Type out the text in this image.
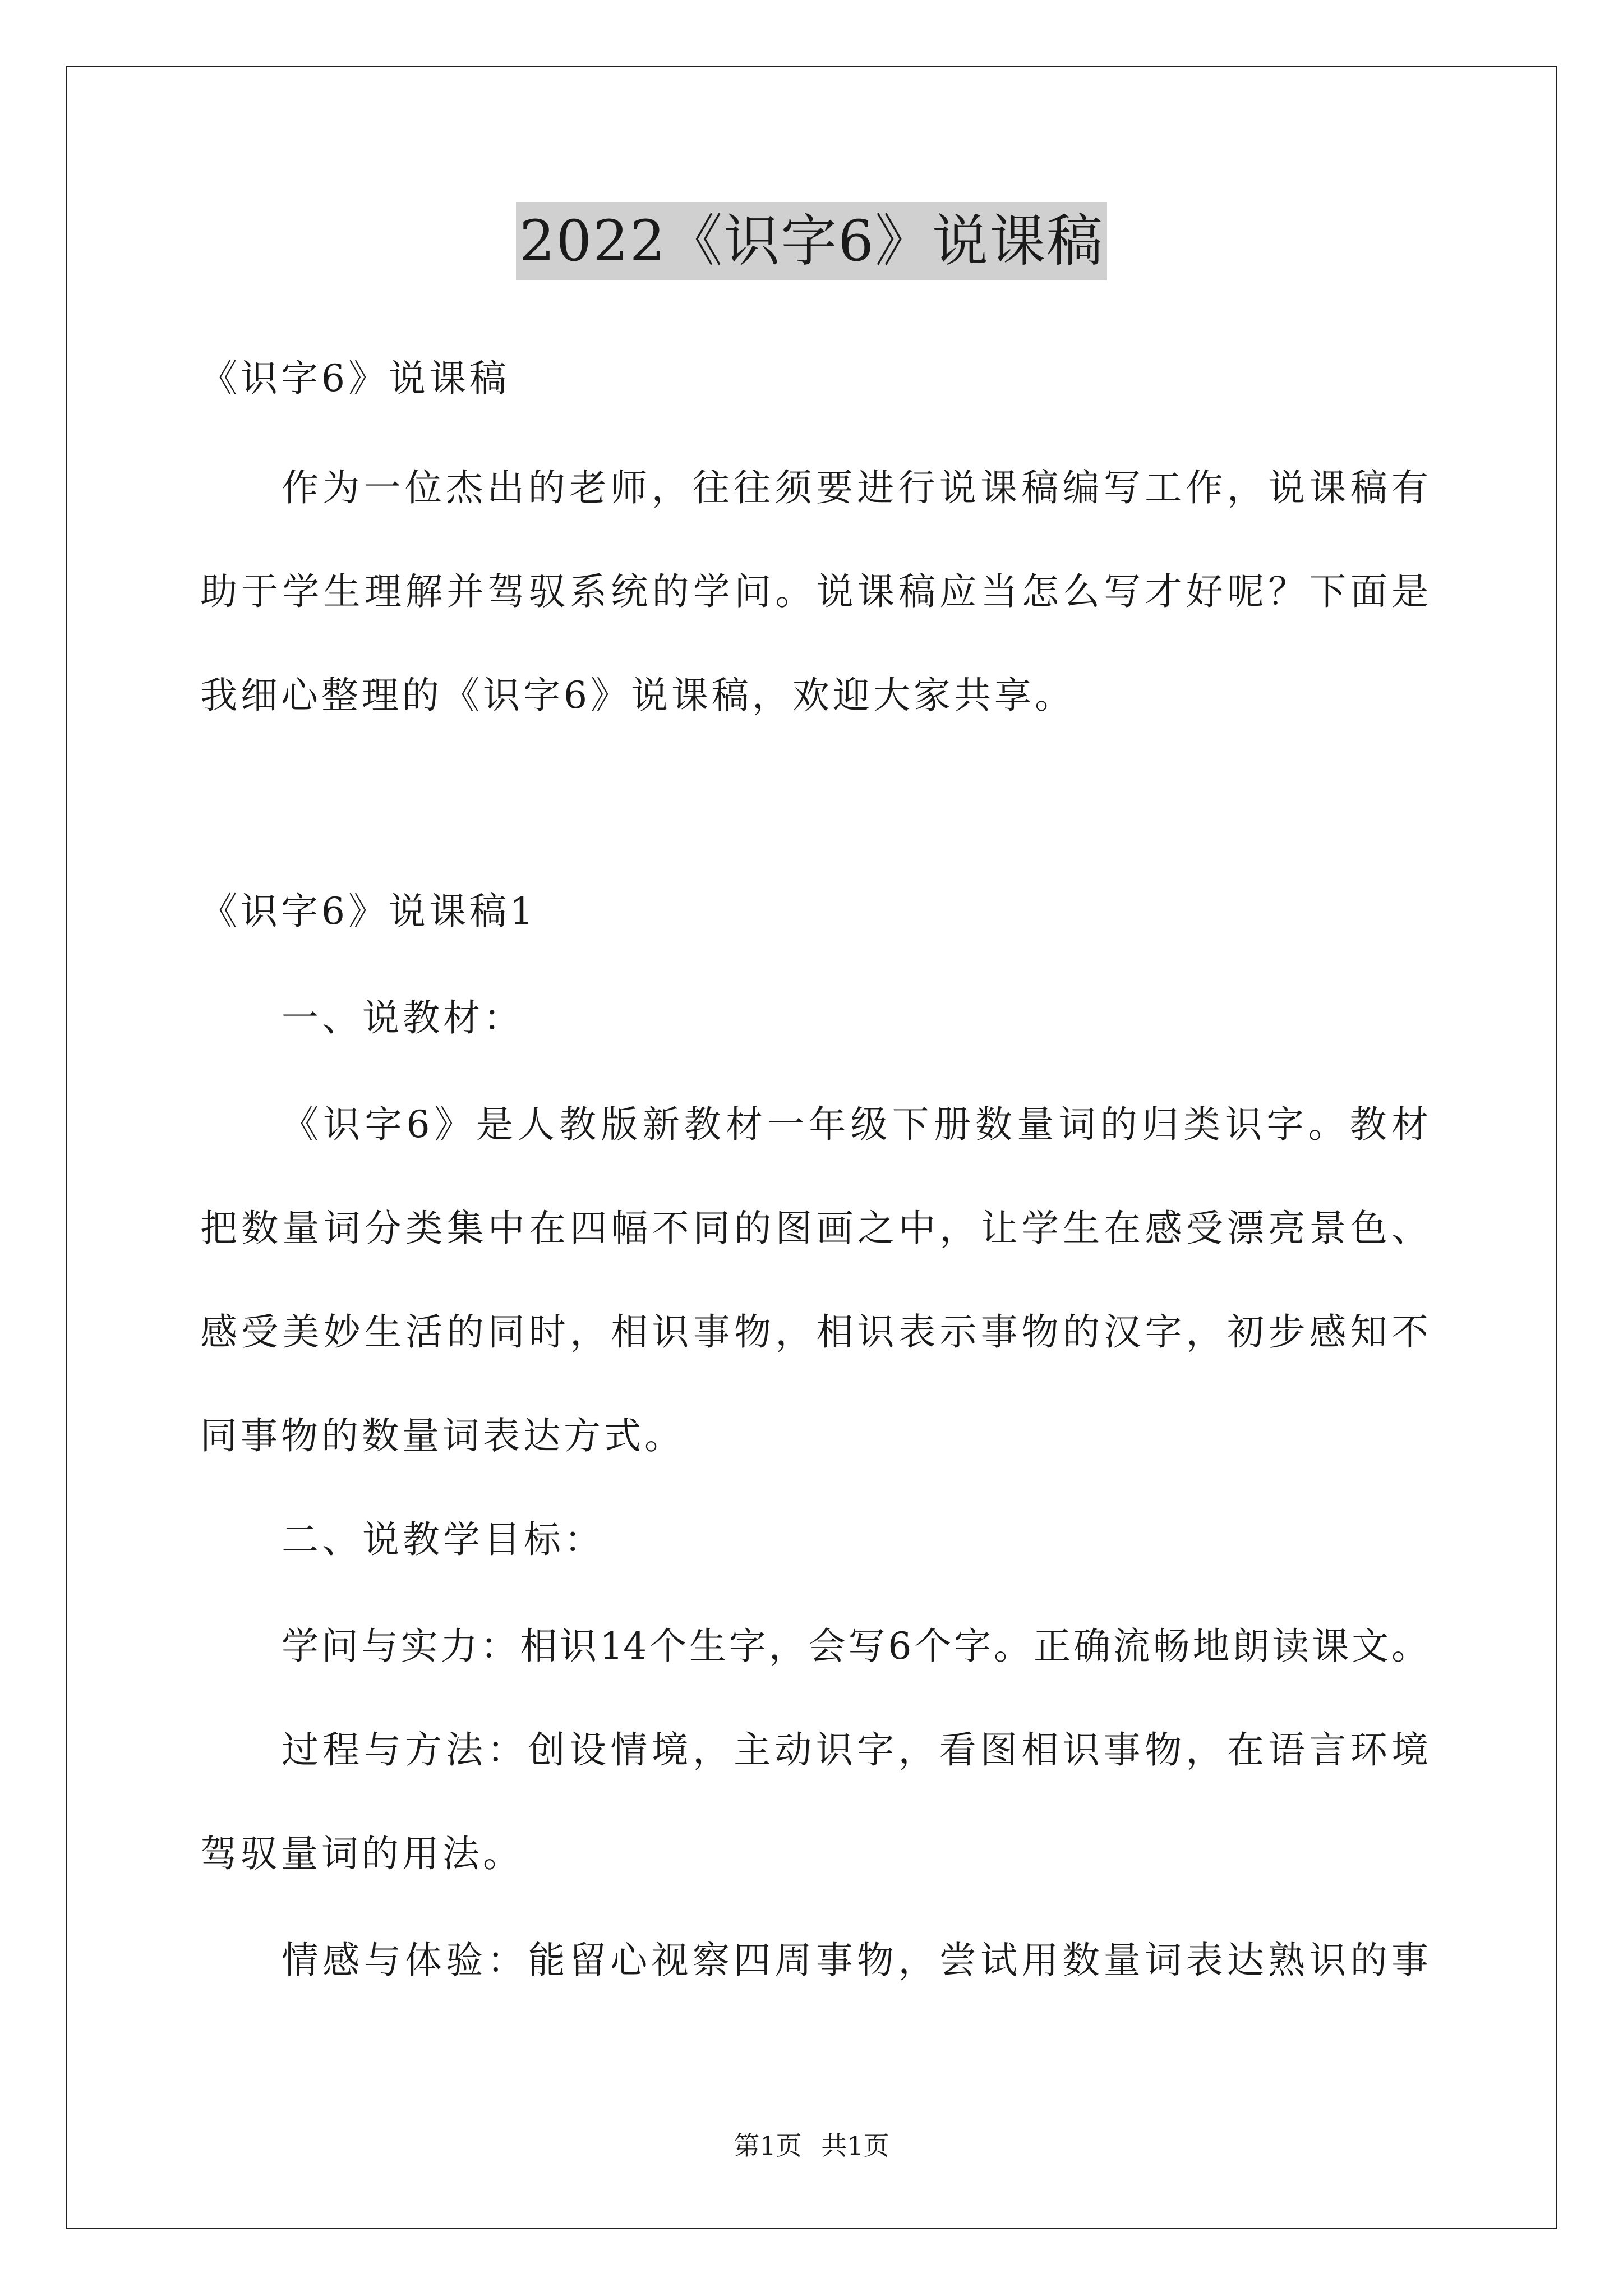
2022《识字6》说课稿
《识字6》说课稿
作为一位杰出的老师，往往须要进行说课稿编写工作，说课稿有
助于学生理解并驾驭系统的学问。说课稿应当怎么写才好呢？下面是
我细心整理的《识字6》说课稿，欢迎大家共享。
《识字6》说课稿1
一、说教材：
《识字6》是人教版新教材一年级下册数量词的归类识字。教材
把数量词分类集中在四幅不同的图画之中，让学生在感受漂亮景色、
感受美妙生活的同时，相识事物，相识表示事物的汉字，初步感知不
同事物的数量词表达方式。
二、说教学目标：
学问与实力：相识14个生字，会写6个字。正确流畅地朗读课文。
过程与方法：创设情境，主动识字，看图相识事物，在语言环境
驾驭量词的用法。
情感与体验：能留心视察四周事物，尝试用数量词表达熟识的事
第1页 共1页
